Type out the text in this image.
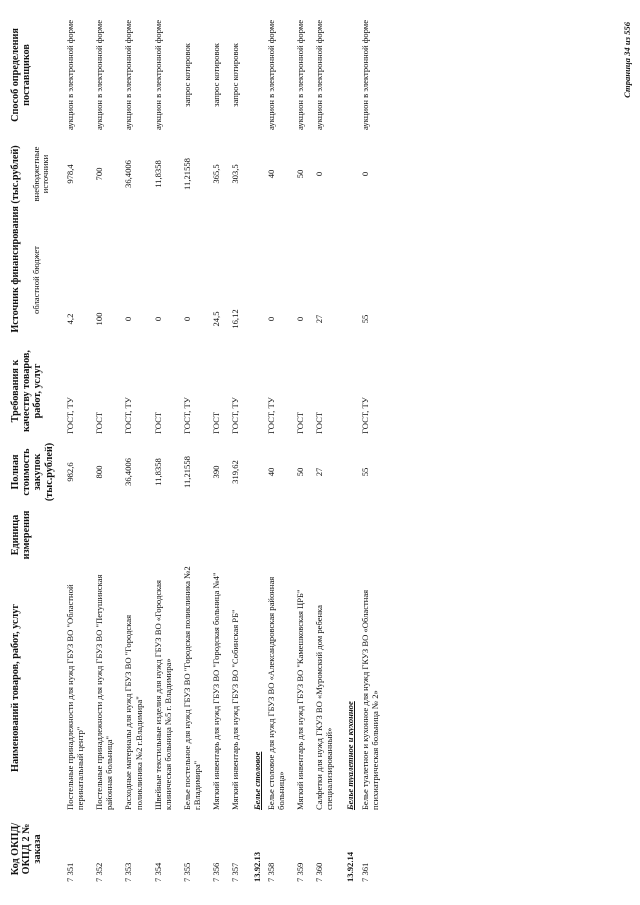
Код ОКПД/ ОКПД 2 № заказа	Наименований товаров, работ, услуг	Единица измерения	Полная стоимость закупок (тыс.рублей)	Требования к качеству товаров, работ, услуг	Источник финансирования (тыс.рублей)			Способ определения поставщиков
					областной бюджет		внебюджетные источники	
7 351	Постельные принадлежности для нужд ГБУЗ ВО "Областной перинатальный центр"		982,6	ГОСТ, ТУ	4,2		978,4	аукцион в электронной форме
7 352	Постельные принадлежности для нужд ГБУЗ ВО "Петушинская районная больница"		800	ГОСТ	100		700	аукцион в электронной форме
7 353	Расходные материалы для нужд ГБУЗ ВО "Городская поликлиника №2 г.Владимира"		36,4006	ГОСТ, ТУ	0		36,4006	аукцион в электронной форме
7 354	Швейные текстильные изделия для нужд ГБУЗ ВО «Городская клиническая больница №5 г. Владимира»		11,8358	ГОСТ	0		11,8358	аукцион в электронной форме
7 355	Белье постельное для нужд ГБУЗ ВО "Городская поликлиника №2 г.Владимира"		11,21558	ГОСТ, ТУ	0		11,21558	запрос котировок
7 356	Мягкий инвентарь для нужд ГБУЗ ВО "Городская больница №4"		390	ГОСТ	24,5		365,5	запрос котировок
7 357	Мягкий инвентарь для нужд ГБУЗ ВО "Собинская РБ"		319,62	ГОСТ, ТУ	16,12		303,5	запрос котировок
13.92.13	Белье столовое							
7 358	Белье столовое для нужд ГБУЗ ВО «Александровская районная больница»		40	ГОСТ, ТУ	0		40	аукцион в электронной форме
7 359	Мягкий инвентарь для нужд ГБУЗ ВО "Камешковская ЦРБ"		50	ГОСТ	0		50	аукцион в электронной форме
7 360	Салфетки для нужд ГКУЗ ВО «Муромский дом ребенка специализированный»		27	ГОСТ	27		0	аукцион в электронной форме
13.92.14	Белье туалетное и кухонное							
7 361	Белье туалетное и кухонное для нужд ГКУЗ ВО «Областная психиатрическая больница № 2»		55	ГОСТ, ТУ	55		0	аукцион в электронной форме	Страница 34 из 556
